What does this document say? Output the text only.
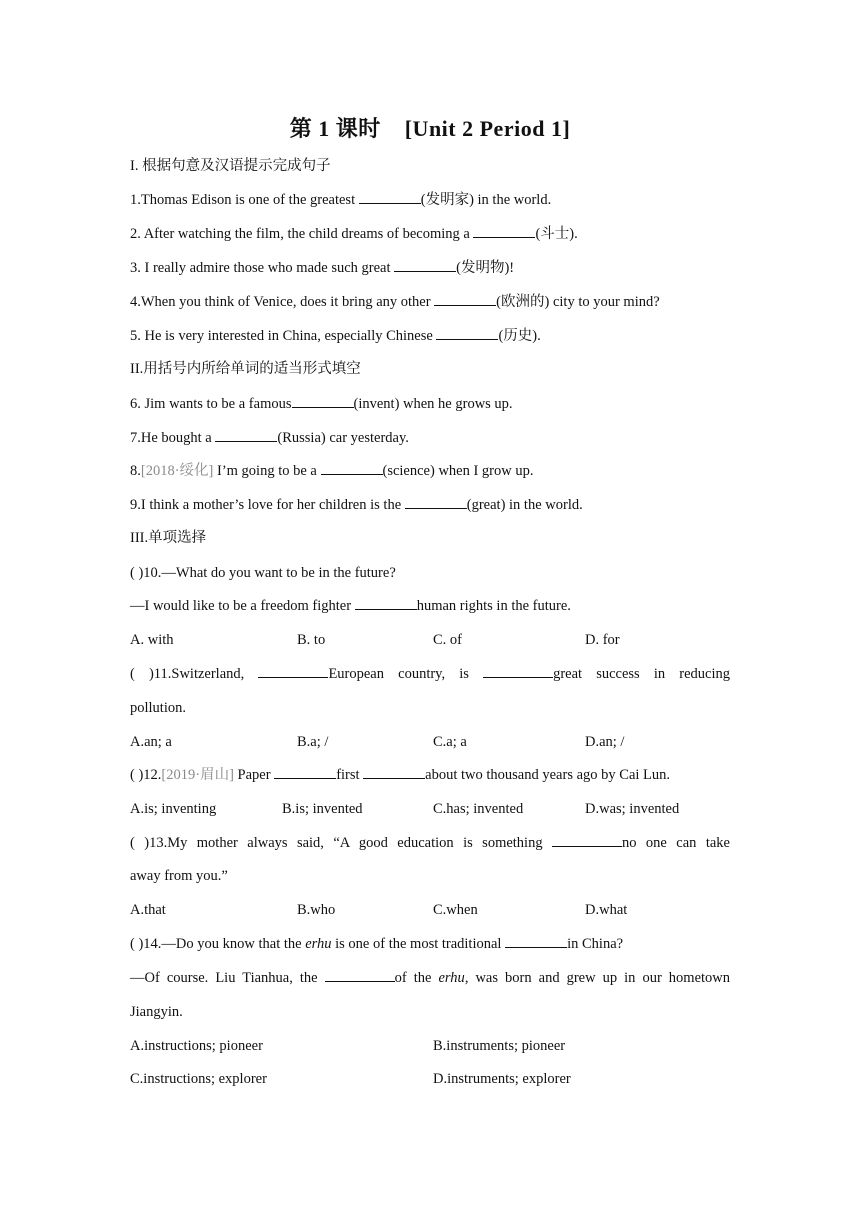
第 1 课时 [Unit 2 Period 1]
I. 根据句意及汉语提示完成句子
1.Thomas Edison is one of the greatest	(发明家) in the world.
2. After watching the film, the child dreams of becoming a	(斗士).
3. I really admire those who made such great	(发明物)!
4.When you think of Venice, does it bring any other	(欧洲的) city to your mind?
5. He is very interested in China, especially Chinese	(历史).
II.用括号内所给单词的适当形式填空
6. Jim wants to be a famous	(invent) when he grows up.
7.He bought a	(Russia) car yesterday.
8.[2018·绥化] I’m going to be a	(science) when I grow up.
9.I think a mother’s love for her children is the	(great) in the world.
III.单项选择
( )10.—What do you want to be in the future?
—I would like to be a freedom fighter	human rights in the future.
A. with	B. to	C. of	D. for
( )11.Switzerland,	European country, is	great success in reducing
pollution.
A.an; a	B.a; /	C.a; a	D.an; /
( )12.[2019·眉山] Paper	first	about two thousand years ago by Cai Lun.
A.is; inventing	B.is; invented	C.has; invented	D.was; invented
( )13.My mother always said, “A good education is something	no one can take
away from you.”
A.that	B.who	C.when	D.what
( )14.—Do you know that the erhu is one of the most traditional	in China?
—Of course. Liu Tianhua, the	of the erhu, was born and grew up in our hometown
Jiangyin.
A.instructions; pioneer	B.instruments; pioneer
C.instructions; explorer	D.instruments; explorer
